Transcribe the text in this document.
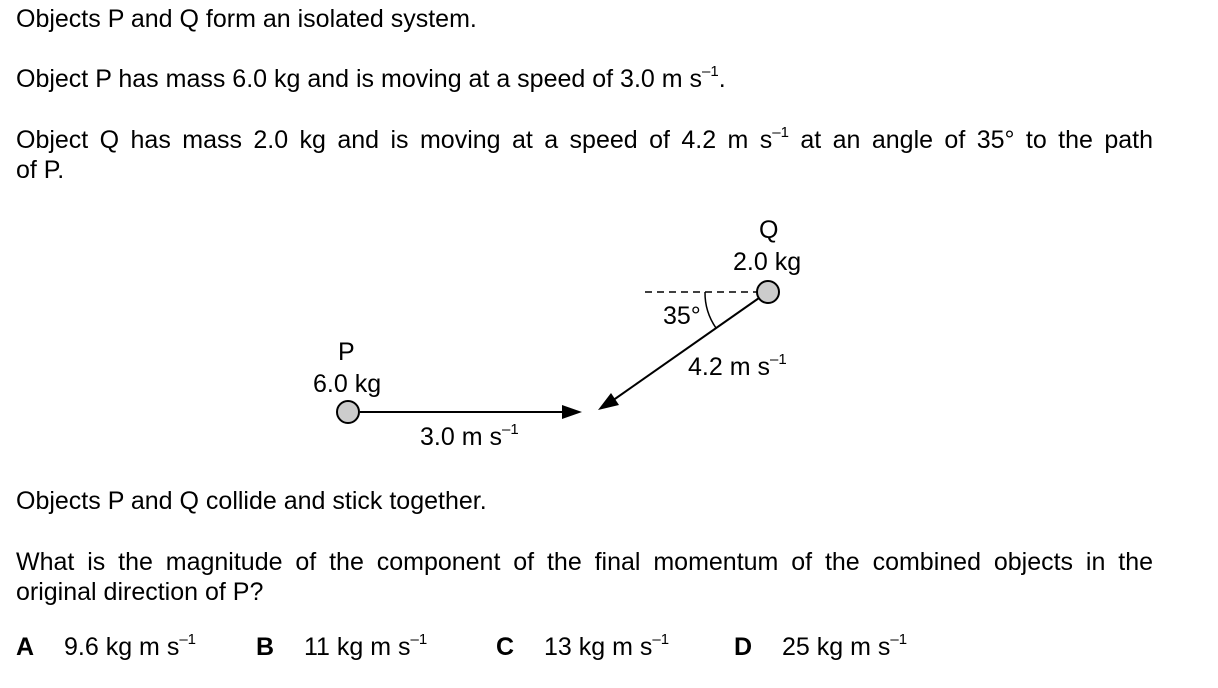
Objects P and Q form an isolated system.
Object P has mass 6.0 kg and is moving at a speed of 3.0 m $s^{-1}$.
Object Q has mass 2.0 kg and is moving at a speed of 4.2 m $s^{-1}$ at an angle of 35° to the path
of P.
P
6.0 kg
3.0 m $s^{-1}$
Q
2.0 kg
35°
4.2 m $s^{-1}$
Objects P and Q collide and stick together.
What is the magnitude of the component of the final momentum of the combined objects in the
original direction of P?
A 9.6 kg m $s^{-1}$ B 11 kg m $s^{-1}$	C 13 kg m $s^{-1}$	D 25 kg m $s^{-1}$
